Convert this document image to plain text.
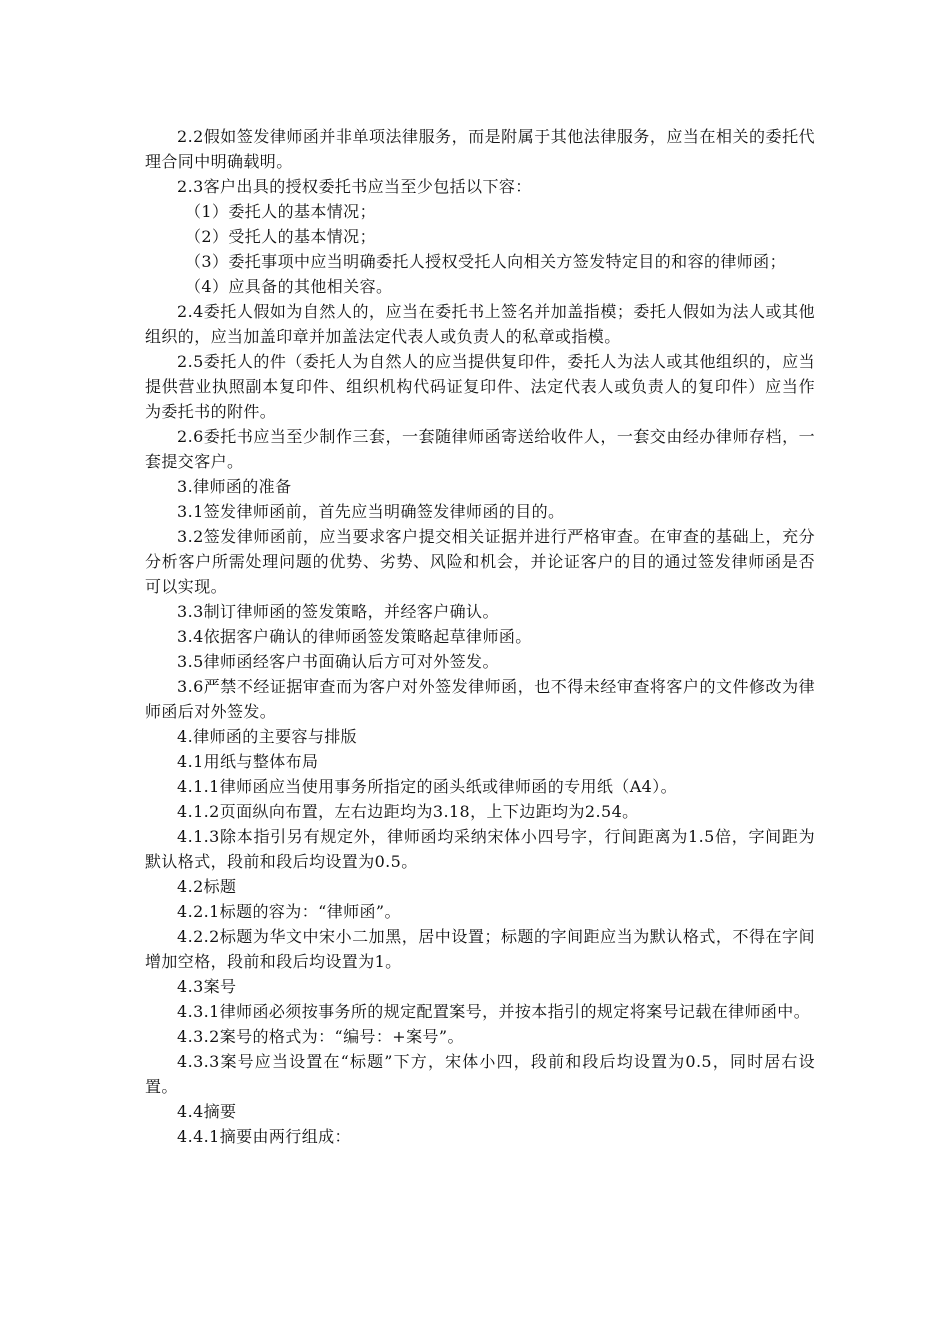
2.2假如签发律师函并非单项法律服务，而是附属于其他法律服务，应当在相关的委托代理合同中明确载明。

2.3客户出具的授权委托书应当至少包括以下容：

（1）委托人的基本情况；

（2）受托人的基本情况；

（3）委托事项中应当明确委托人授权受托人向相关方签发特定目的和容的律师函；

（4）应具备的其他相关容。

2.4委托人假如为自然人的，应当在委托书上签名并加盖指模；委托人假如为法人或其他组织的，应当加盖印章并加盖法定代表人或负责人的私章或指模。

2.5委托人的件（委托人为自然人的应当提供复印件，委托人为法人或其他组织的，应当提供营业执照副本复印件、组织机构代码证复印件、法定代表人或负责人的复印件）应当作为委托书的附件。

2.6委托书应当至少制作三套，一套随律师函寄送给收件人，一套交由经办律师存档，一套提交客户。

3.律师函的准备

3.1签发律师函前，首先应当明确签发律师函的目的。

3.2签发律师函前，应当要求客户提交相关证据并进行严格审查。在审查的基础上，充分分析客户所需处理问题的优势、劣势、风险和机会，并论证客户的目的通过签发律师函是否可以实现。

3.3制订律师函的签发策略，并经客户确认。

3.4依据客户确认的律师函签发策略起草律师函。

3.5律师函经客户书面确认后方可对外签发。

3.6严禁不经证据审查而为客户对外签发律师函，也不得未经审查将客户的文件修改为律师函后对外签发。

4.律师函的主要容与排版

4.1用纸与整体布局

4.1.1律师函应当使用事务所指定的函头纸或律师函的专用纸（A4）。

4.1.2页面纵向布置，左右边距均为3.18，上下边距均为2.54。

4.1.3除本指引另有规定外，律师函均采纳宋体小四号字，行间距离为1.5倍，字间距为默认格式，段前和段后均设置为0.5。

4.2标题

4.2.1标题的容为：“律师函”。

4.2.2标题为华文中宋小二加黑，居中设置；标题的字间距应当为默认格式，不得在字间增加空格，段前和段后均设置为1。

4.3案号

4.3.1律师函必须按事务所的规定配置案号，并按本指引的规定将案号记载在律师函中。

4.3.2案号的格式为：“编号：+案号”。

4.3.3案号应当设置在“标题”下方，宋体小四，段前和段后均设置为0.5，同时居右设置。

4.4摘要

4.4.1摘要由两行组成：
